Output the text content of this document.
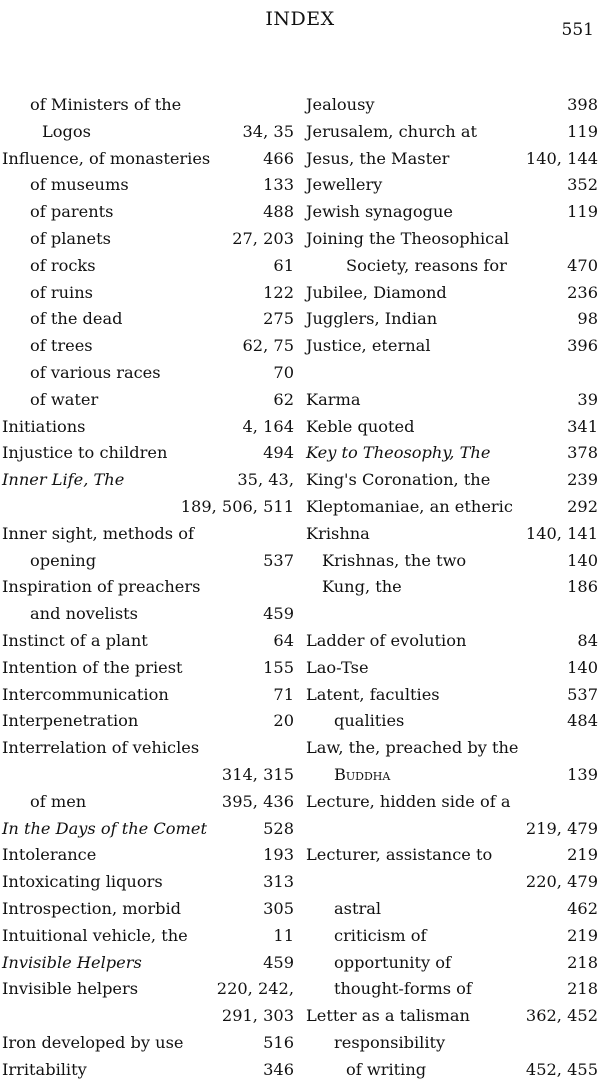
INDEX	551
of Ministers of the
Logos	34, 35
Influence, of monasteries	466
of museums	133
of parents	488
of planets	27, 203
of rocks	61
of ruins	122
of the dead	275
of trees	62, 75
of various races	70
of water	62
Initiations	4, 164
Injustice to children	494
Inner Life, The	35, 43,
189, 506, 511
Inner sight, methods of
opening	537
Inspiration of preachers
and novelists	459
Instinct of a plant	64
Intention of the priest	155
Intercommunication	71
Interpenetration	20
Interrelation of vehicles
314, 315
of men	395, 436
In the Days of the Comet	528
Intolerance	193
Intoxicating liquors	313
Introspection, morbid	305
Intuitional vehicle, the	11
Invisible Helpers	459
Invisible helpers	220, 242,
291, 303
Iron developed by use	516
Irritability	346
Jealousy	398
Jerusalem, church at	119
Jesus, the Master	140, 144
Jewellery	352
Jewish synagogue	119
Joining the Theosophical
Society, reasons for	470
Jubilee, Diamond	236
Jugglers, Indian	98
Justice, eternal	396
Karma	39
Keble quoted	341
Key to Theosophy, The	378
King's Coronation, the	239
Kleptomaniae, an etheric	292
Krishna	140, 141
Krishnas, the two	140
Kung, the	186
Ladder of evolution	84
Lao-Tse	140
Latent, faculties	537
qualities	484
Law, the, preached by the
Buddha	139
Lecture, hidden side of a
219, 479
Lecturer, assistance to	219
220, 479
astral	462
criticism of	219
opportunity of	218
thought-forms of	218
Letter as a talisman	362, 452
responsibility
of writing	452, 455
